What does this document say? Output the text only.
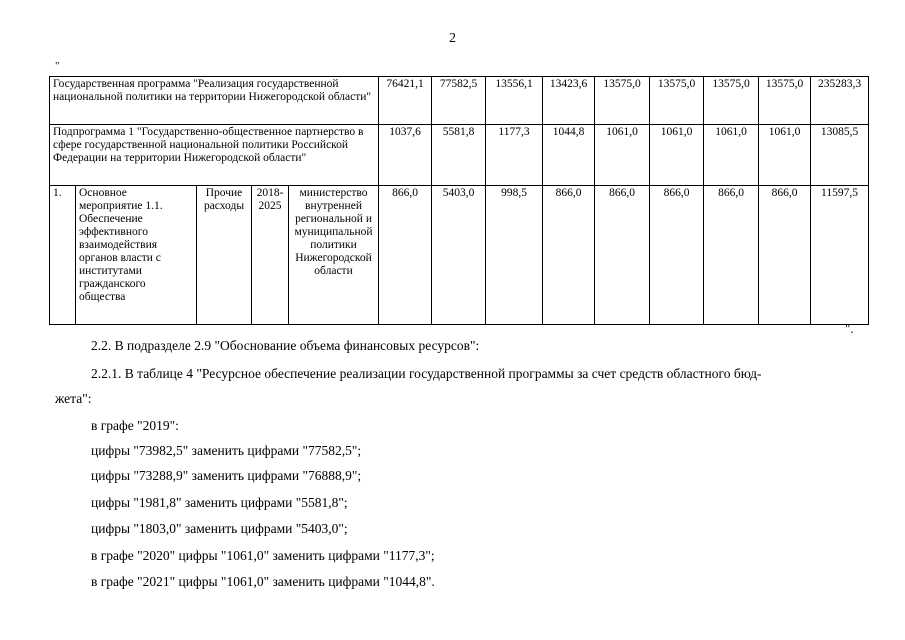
2
"
Государственная программа "Реализация государственной национальной политики на территории Нижегородской области"					76421,1	77582,5	13556,1	13423,6	13575,0	13575,0	13575,0	13575,0	235283,3
Подпрограмма 1 "Государственно-общественное партнерство в сфере государственной национальной политики Российской Федерации на территории Нижегородской области"					1037,6	5581,8	1177,3	1044,8	1061,0	1061,0	1061,0	1061,0	13085,5
1.	Основное мероприятие 1.1. Обеспечение эффективного взаимодействия органов власти с институтами гражданского общества	Прочие расходы	2018-2025	министерство внутренней региональной и муниципальной политики Нижегородской области	866,0	5403,0	998,5	866,0	866,0	866,0	866,0	866,0	11597,5
".
2.2. В подразделе 2.9 "Обоснование объема финансовых ресурсов":
2.2.1. В таблице 4 "Ресурсное обеспечение реализации государственной программы за счет средств областного бюд-
жета":
в графе "2019":
цифры "73982,5" заменить цифрами "77582,5";
цифры "73288,9" заменить цифрами "76888,9";
цифры "1981,8" заменить цифрами "5581,8";
цифры "1803,0" заменить цифрами "5403,0";
в графе "2020" цифры "1061,0" заменить цифрами "1177,3";
в графе "2021" цифры "1061,0" заменить цифрами "1044,8".
